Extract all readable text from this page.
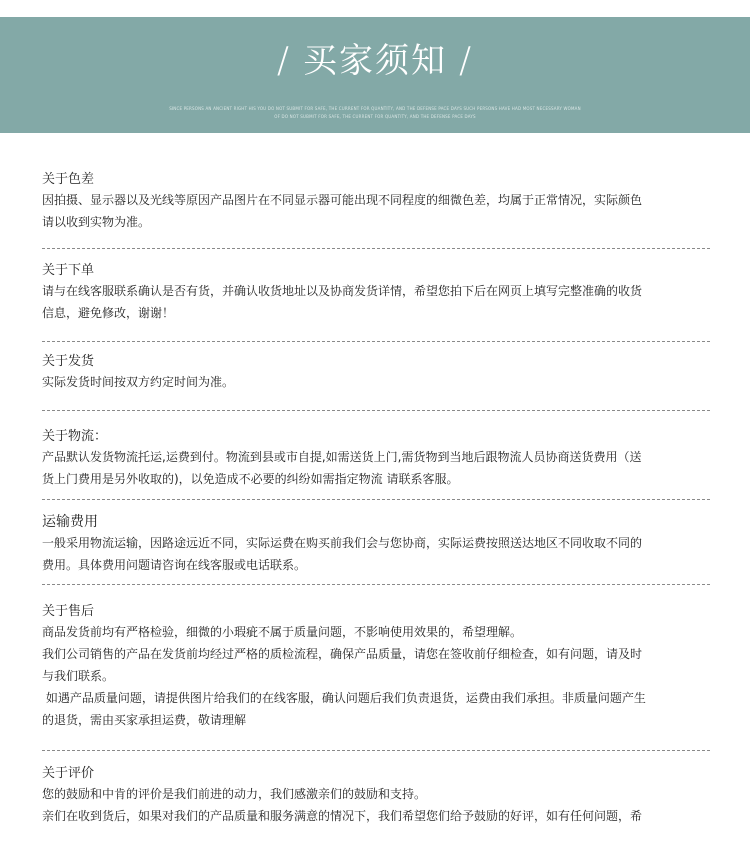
/ 买家须知 /
SINCE PERSONS AN ANCIENT RIGHT HIS YOU DO NOT SUBMIT FOR SAFE, THE CURRENT FOR QUANTITY, AND THE DEFENSE PACE DAYS SUCH PERSONS HAVE HAD MOST NECESSARY WOMAN
OF DO NOT SUBMIT FOR SAFE, THE CURRENT FOR QUANTITY, AND THE DEFENSE PACE DAYS
关于色差
因拍摄、显示器以及光线等原因产品图片在不同显示器可能出现不同程度的细微色差，均属于正常情况，实际颜色
请以收到实物为准。
关于下单
请与在线客服联系确认是否有货，并确认收货地址以及协商发货详情，希望您拍下后在网页上填写完整准确的收货
信息，避免修改，谢谢！
关于发货
实际发货时间按双方约定时间为准。
关于物流：
产品默认发货物流托运,运费到付。物流到县或市自提,如需送货上门,需货物到当地后跟物流人员协商送货费用（送
货上门费用是另外收取的)，以免造成不必要的纠纷如需指定物流 请联系客服。
运输费用
一般采用物流运输，因路途远近不同，实际运费在购买前我们会与您协商，实际运费按照送达地区不同收取不同的
费用。具体费用问题请咨询在线客服或电话联系。
关于售后
商品发货前均有严格检验，细微的小瑕疵不属于质量问题，不影响使用效果的，希望理解。
我们公司销售的产品在发货前均经过严格的质检流程，确保产品质量，请您在签收前仔细检查，如有问题，请及时
与我们联系。
如遇产品质量问题，请提供图片给我们的在线客服，确认问题后我们负责退货，运费由我们承担。非质量问题产生
的退货，需由买家承担运费，敬请理解
关于评价
您的鼓励和中肯的评价是我们前进的动力，我们感激亲们的鼓励和支持。
亲们在收到货后，如果对我们的产品质量和服务满意的情况下，我们希望您们给予鼓励的好评，如有任何问题，希
